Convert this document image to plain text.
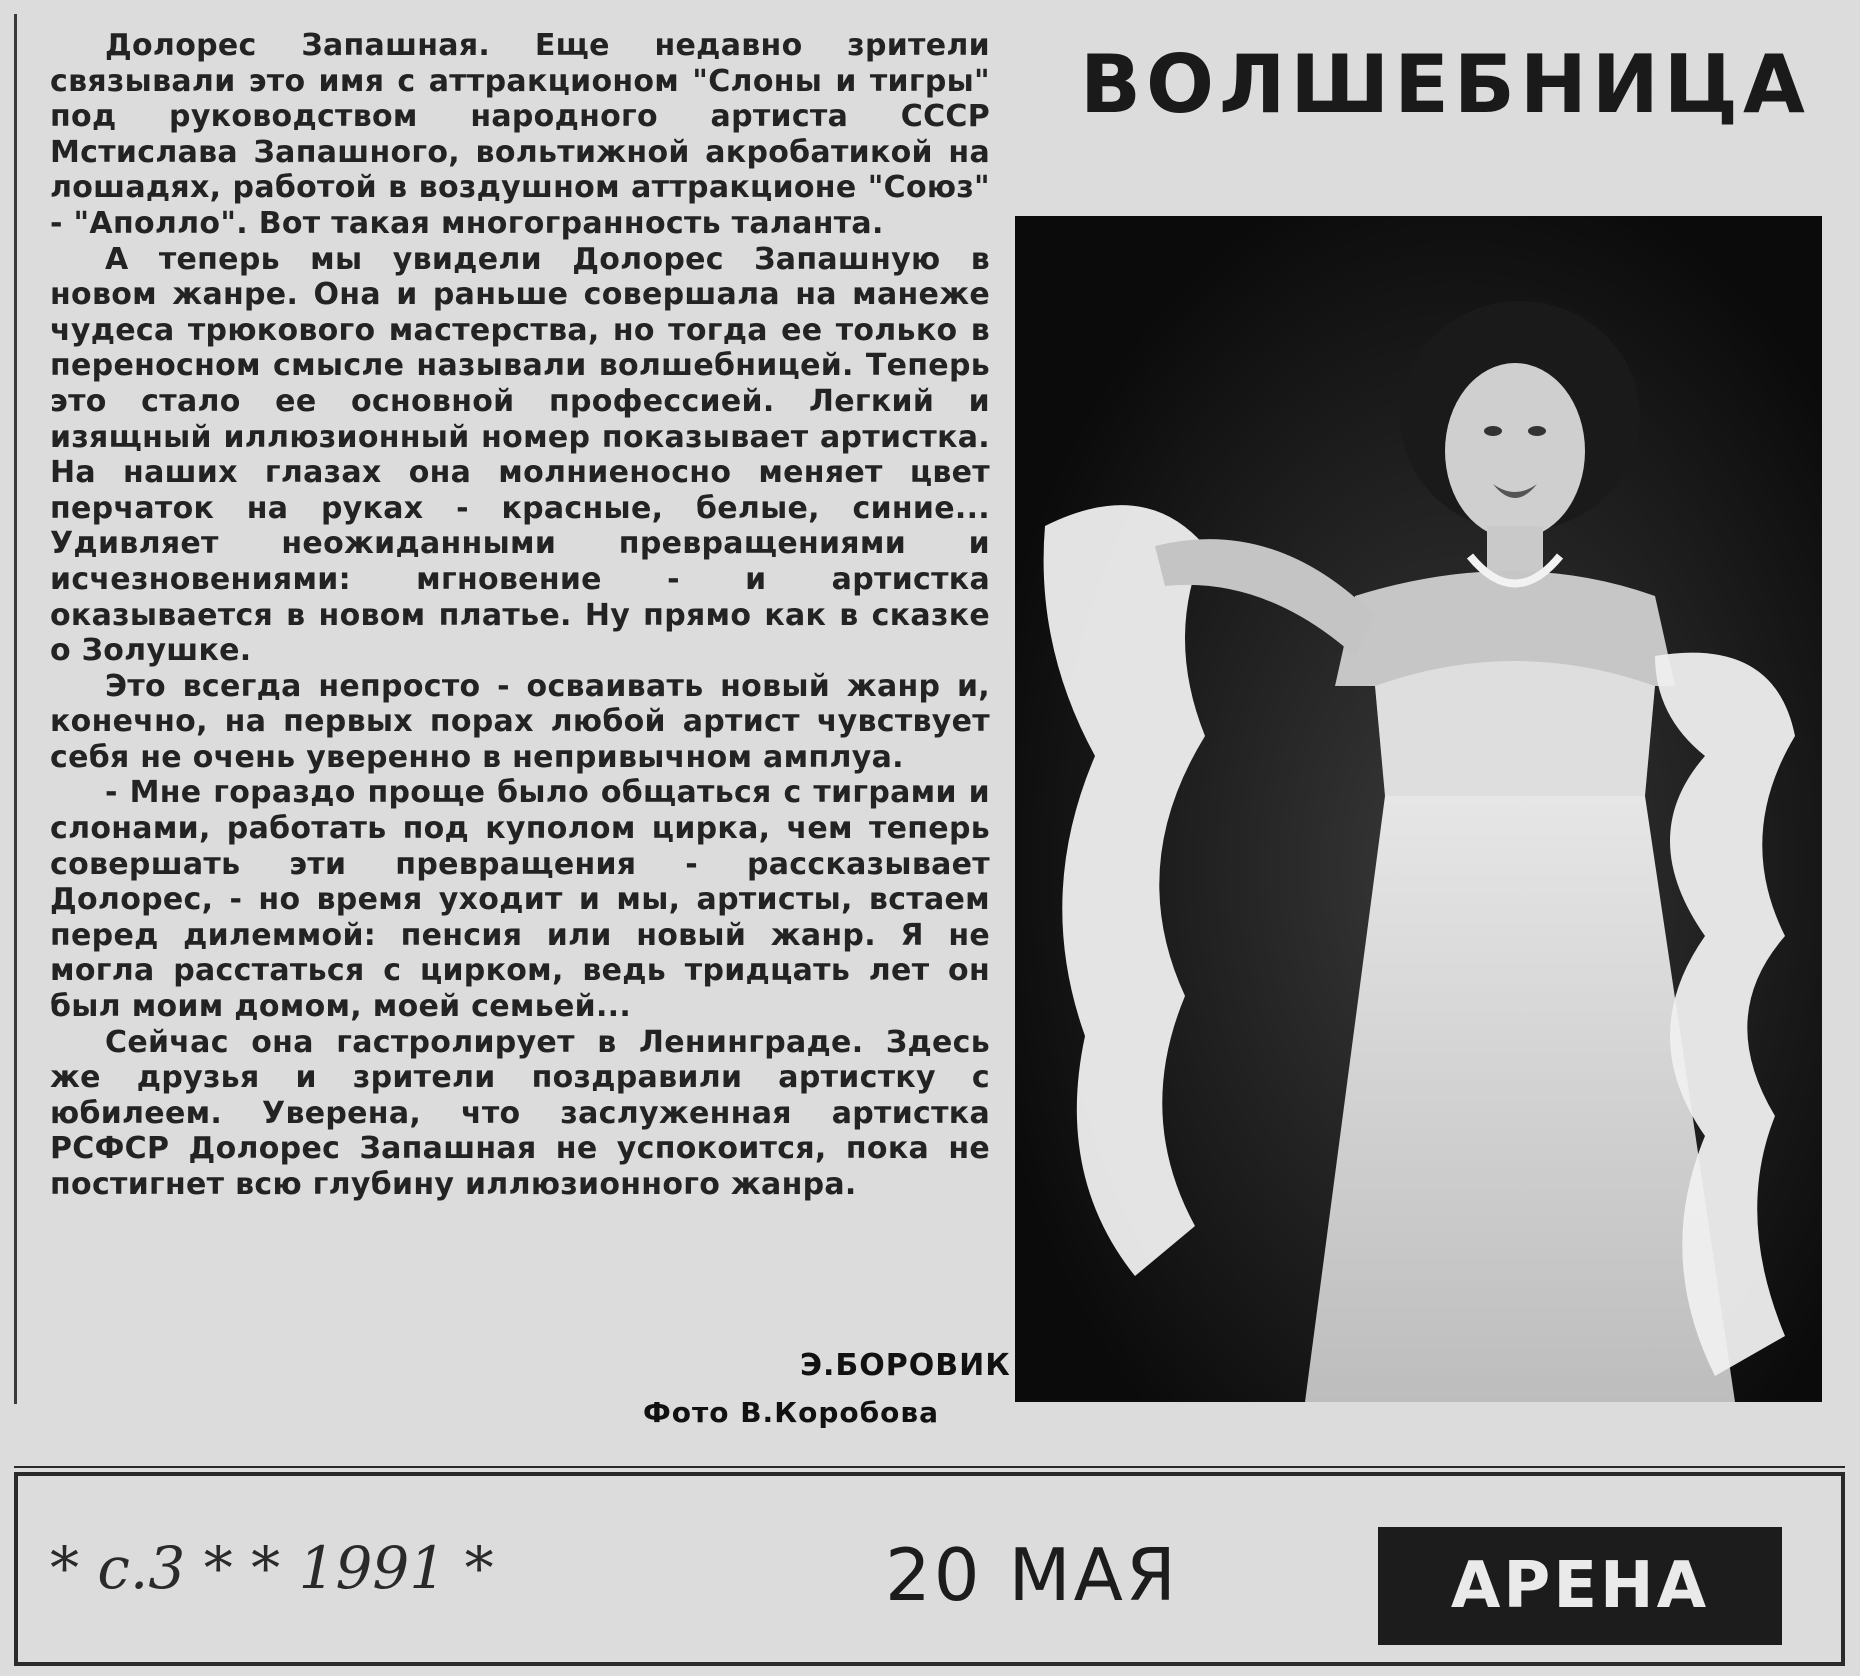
Долорес Запашная. Еще недавно зрители связывали это имя с аттракционом "Слоны и тигры" под руководством народного артиста СССР Мстислава Запашного, вольтижной акробатикой на лошадях, работой в воздушном аттракционе "Союз" - "Аполло". Вот такая многогранность таланта.

А теперь мы увидели Долорес Запашную в новом жанре. Она и раньше совершала на манеже чудеса трюкового мастерства, но тогда ее только в переносном смысле называли волшебницей. Теперь это стало ее основной профессией. Легкий и изящный иллюзионный номер показывает артистка. На наших глазах она молниеносно меняет цвет перчаток на руках - красные, белые, синие... Удивляет неожиданными превращениями и исчезновениями: мгновение - и артистка оказывается в новом платье. Ну прямо как в сказке о Золушке.

Это всегда непросто - осваивать новый жанр и, конечно, на первых порах любой артист чувствует себя не очень уверенно в непривычном амплуа.

- Мне гораздо проще было общаться с тиграми и слонами, работать под куполом цирка, чем теперь совершать эти превращения - рассказывает Долорес, - но время уходит и мы, артисты, встаем перед дилеммой: пенсия или новый жанр. Я не могла расстаться с цирком, ведь тридцать лет он был моим домом, моей семьей...

Сейчас она гастролирует в Ленинграде. Здесь же друзья и зрители поздравили артистку с юбилеем. Уверена, что заслуженная артистка РСФСР Долорес Запашная не успокоится, пока не постигнет всю глубину иллюзионного жанра.

Э.БОРОВИК
Фото В.Коробова
ВОЛШЕБНИЦА
* с.3 * * 1991 *	20 МАЯ	АРЕНА
